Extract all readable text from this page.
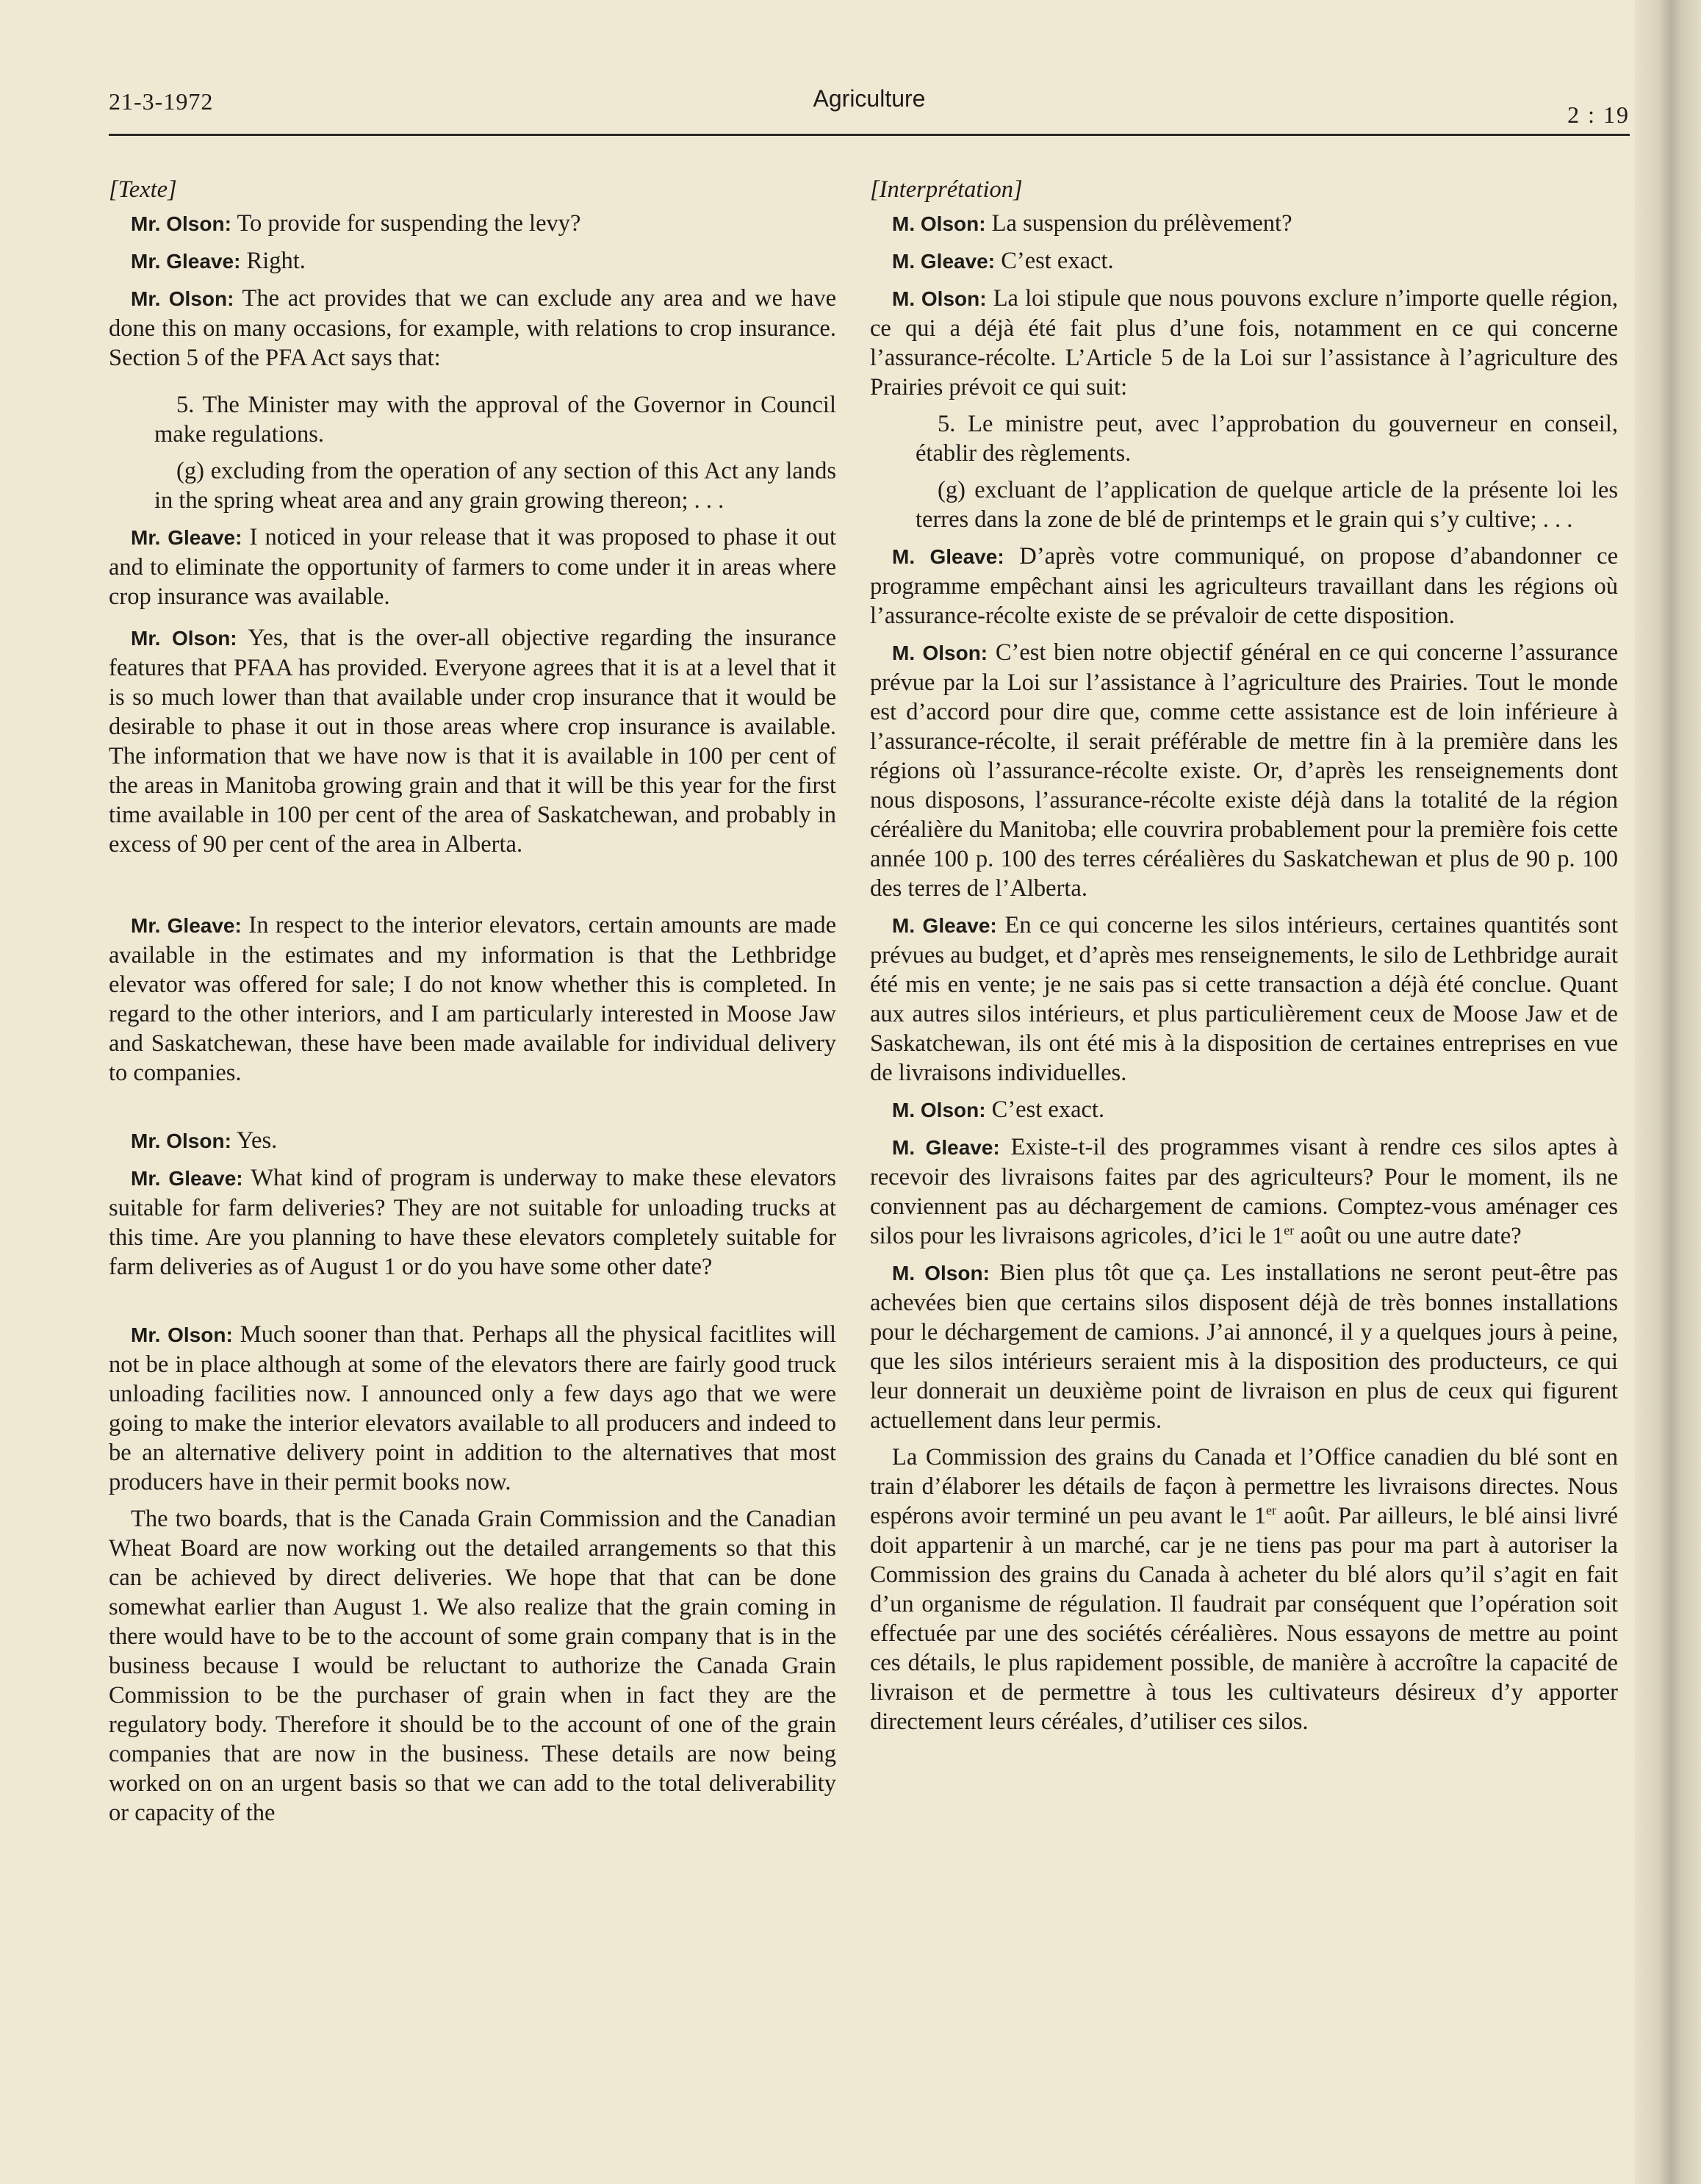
21-3-1972	Agriculture
2 : 19

[Texte]

Mr. Olson: To provide for suspending the levy?

Mr. Gleave: Right.

Mr. Olson: The act provides that we can exclude any area and we have done this on many occasions, for example, with relations to crop insurance. Section 5 of the PFA Act says that:

5. The Minister may with the approval of the Governor in Council make regulations.

(g) excluding from the operation of any section of this Act any lands in the spring wheat area and any grain growing thereon; . . .

Mr. Gleave: I noticed in your release that it was proposed to phase it out and to eliminate the opportunity of farmers to come under it in areas where crop insurance was available.

Mr. Olson: Yes, that is the over-all objective regarding the insurance features that PFAA has provided. Everyone agrees that it is at a level that it is so much lower than that available under crop insurance that it would be desirable to phase it out in those areas where crop insurance is available. The information that we have now is that it is available in 100 per cent of the areas in Manitoba growing grain and that it will be this year for the first time available in 100 per cent of the area of Saskatchewan, and probably in excess of 90 per cent of the area in Alberta.

Mr. Gleave: In respect to the interior elevators, certain amounts are made available in the estimates and my information is that the Lethbridge elevator was offered for sale; I do not know whether this is completed. In regard to the other interiors, and I am particularly interested in Moose Jaw and Saskatchewan, these have been made available for individual delivery to companies.

Mr. Olson: Yes.

Mr. Gleave: What kind of program is underway to make these elevators suitable for farm deliveries? They are not suitable for unloading trucks at this time. Are you planning to have these elevators completely suitable for farm deliveries as of August 1 or do you have some other date?

Mr. Olson: Much sooner than that. Perhaps all the physical facitlites will not be in place although at some of the elevators there are fairly good truck unloading facilities now. I announced only a few days ago that we were going to make the interior elevators available to all producers and indeed to be an alternative delivery point in addition to the alternatives that most producers have in their permit books now.

The two boards, that is the Canada Grain Commission and the Canadian Wheat Board are now working out the detailed arrangements so that this can be achieved by direct deliveries. We hope that that can be done somewhat earlier than August 1. We also realize that the grain coming in there would have to be to the account of some grain company that is in the business because I would be reluctant to authorize the Canada Grain Commission to be the purchaser of grain when in fact they are the regulatory body. Therefore it should be to the account of one of the grain companies that are now in the business. These details are now being worked on on an urgent basis so that we can add to the total deliverability or capacity of the

[Interprétation]

M. Olson: La suspension du prélèvement?

M. Gleave: C’est exact.

M. Olson: La loi stipule que nous pouvons exclure n’importe quelle région, ce qui a déjà été fait plus d’une fois, notamment en ce qui concerne l’assurance-récolte. L’Article 5 de la Loi sur l’assistance à l’agriculture des Prairies prévoit ce qui suit:

5. Le ministre peut, avec l’approbation du gouverneur en conseil, établir des règlements.

(g) excluant de l’application de quelque article de la présente loi les terres dans la zone de blé de printemps et le grain qui s’y cultive; . . .

M. Gleave: D’après votre communiqué, on propose d’abandonner ce programme empêchant ainsi les agriculteurs travaillant dans les régions où l’assurance-récolte existe de se prévaloir de cette disposition.

M. Olson: C’est bien notre objectif général en ce qui concerne l’assurance prévue par la Loi sur l’assistance à l’agriculture des Prairies. Tout le monde est d’accord pour dire que, comme cette assistance est de loin inférieure à l’assurance-récolte, il serait préférable de mettre fin à la première dans les régions où l’assurance-récolte existe. Or, d’après les renseignements dont nous disposons, l’assurance-récolte existe déjà dans la totalité de la région céréalière du Manitoba; elle couvrira probablement pour la première fois cette année 100 p. 100 des terres céréalières du Saskatchewan et plus de 90 p. 100 des terres de l’Alberta.

M. Gleave: En ce qui concerne les silos intérieurs, certaines quantités sont prévues au budget, et d’après mes renseignements, le silo de Lethbridge aurait été mis en vente; je ne sais pas si cette transaction a déjà été conclue. Quant aux autres silos intérieurs, et plus particulièrement ceux de Moose Jaw et de Saskatchewan, ils ont été mis à la disposition de certaines entreprises en vue de livraisons individuelles.

M. Olson: C’est exact.

M. Gleave: Existe-t-il des programmes visant à rendre ces silos aptes à recevoir des livraisons faites par des agriculteurs? Pour le moment, ils ne conviennent pas au déchargement de camions. Comptez-vous aménager ces silos pour les livraisons agricoles, d’ici le 1er août ou une autre date?

M. Olson: Bien plus tôt que ça. Les installations ne seront peut-être pas achevées bien que certains silos disposent déjà de très bonnes installations pour le déchargement de camions. J’ai annoncé, il y a quelques jours à peine, que les silos intérieurs seraient mis à la disposition des producteurs, ce qui leur donnerait un deuxième point de livraison en plus de ceux qui figurent actuellement dans leur permis.

La Commission des grains du Canada et l’Office canadien du blé sont en train d’élaborer les détails de façon à permettre les livraisons directes. Nous espérons avoir terminé un peu avant le 1er août. Par ailleurs, le blé ainsi livré doit appartenir à un marché, car je ne tiens pas pour ma part à autoriser la Commission des grains du Canada à acheter du blé alors qu’il s’agit en fait d’un organisme de régulation. Il faudrait par conséquent que l’opération soit effectuée par une des sociétés céréalières. Nous essayons de mettre au point ces détails, le plus rapidement possible, de manière à accroître la capacité de livraison et de permettre à tous les cultivateurs désireux d’y apporter directement leurs céréales, d’utiliser ces silos.
